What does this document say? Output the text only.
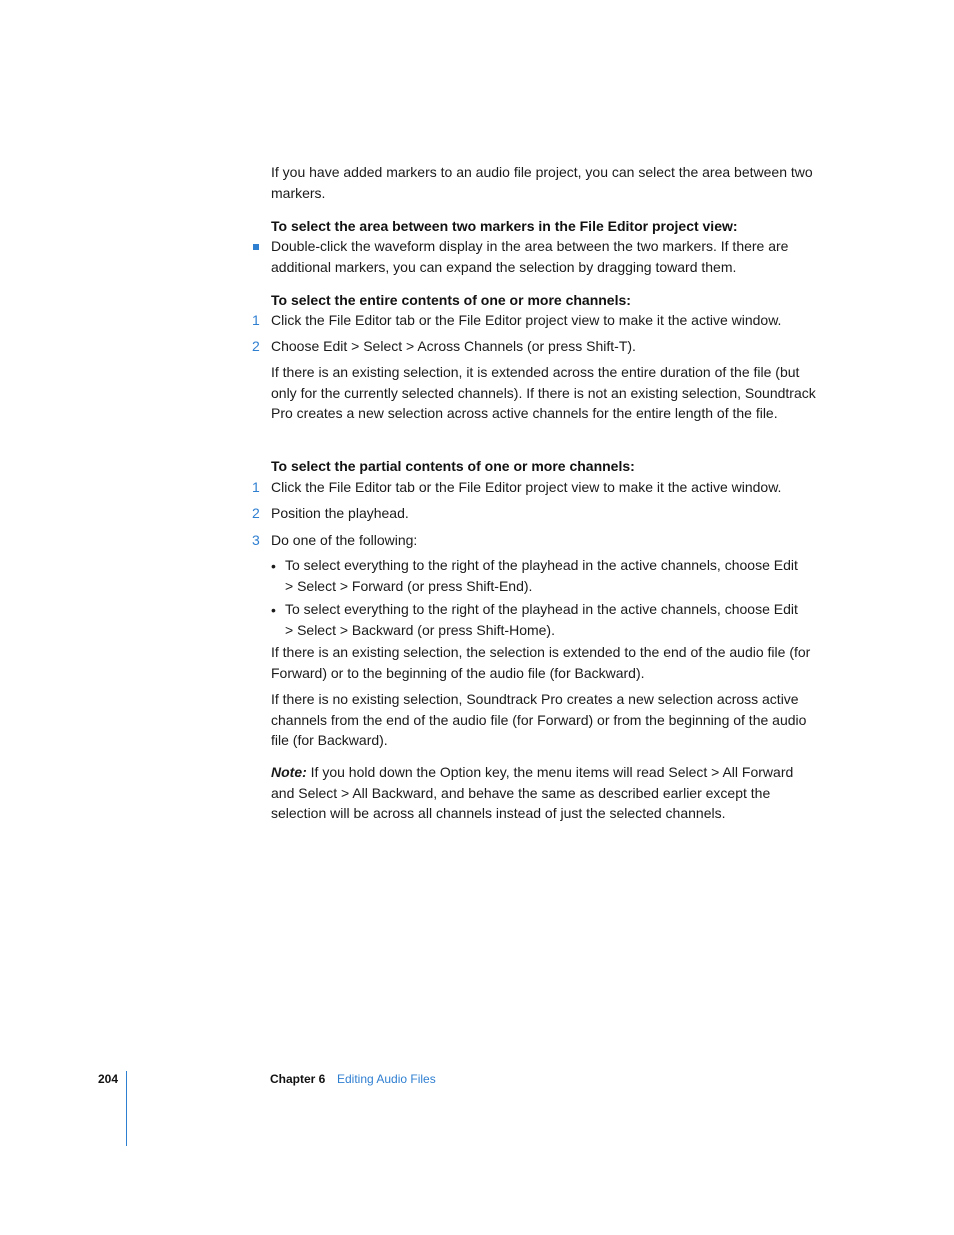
If you have added markers to an audio file project, you can select the area between two markers.

To select the area between two markers in the File Editor project view:

Double-click the waveform display in the area between the two markers. If there are additional markers, you can expand the selection by dragging toward them.

To select the entire contents of one or more channels:

1 Click the File Editor tab or the File Editor project view to make it the active window.

2 Choose Edit > Select > Across Channels (or press Shift-T).

If there is an existing selection, it is extended across the entire duration of the file (but only for the currently selected channels). If there is not an existing selection, Soundtrack Pro creates a new selection across active channels for the entire length of the file.

To select the partial contents of one or more channels:

1 Click the File Editor tab or the File Editor project view to make it the active window.

2 Position the playhead.

3 Do one of the following:

• To select everything to the right of the playhead in the active channels, choose Edit > Select > Forward (or press Shift-End).

• To select everything to the right of the playhead in the active channels, choose Edit > Select > Backward (or press Shift-Home).

If there is an existing selection, the selection is extended to the end of the audio file (for Forward) or to the beginning of the audio file (for Backward).

If there is no existing selection, Soundtrack Pro creates a new selection across active channels from the end of the audio file (for Forward) or from the beginning of the audio file (for Backward).

Note: If you hold down the Option key, the menu items will read Select > All Forward and Select > All Backward, and behave the same as described earlier except the selection will be across all channels instead of just the selected channels.

204	Chapter 6 Editing Audio Files
